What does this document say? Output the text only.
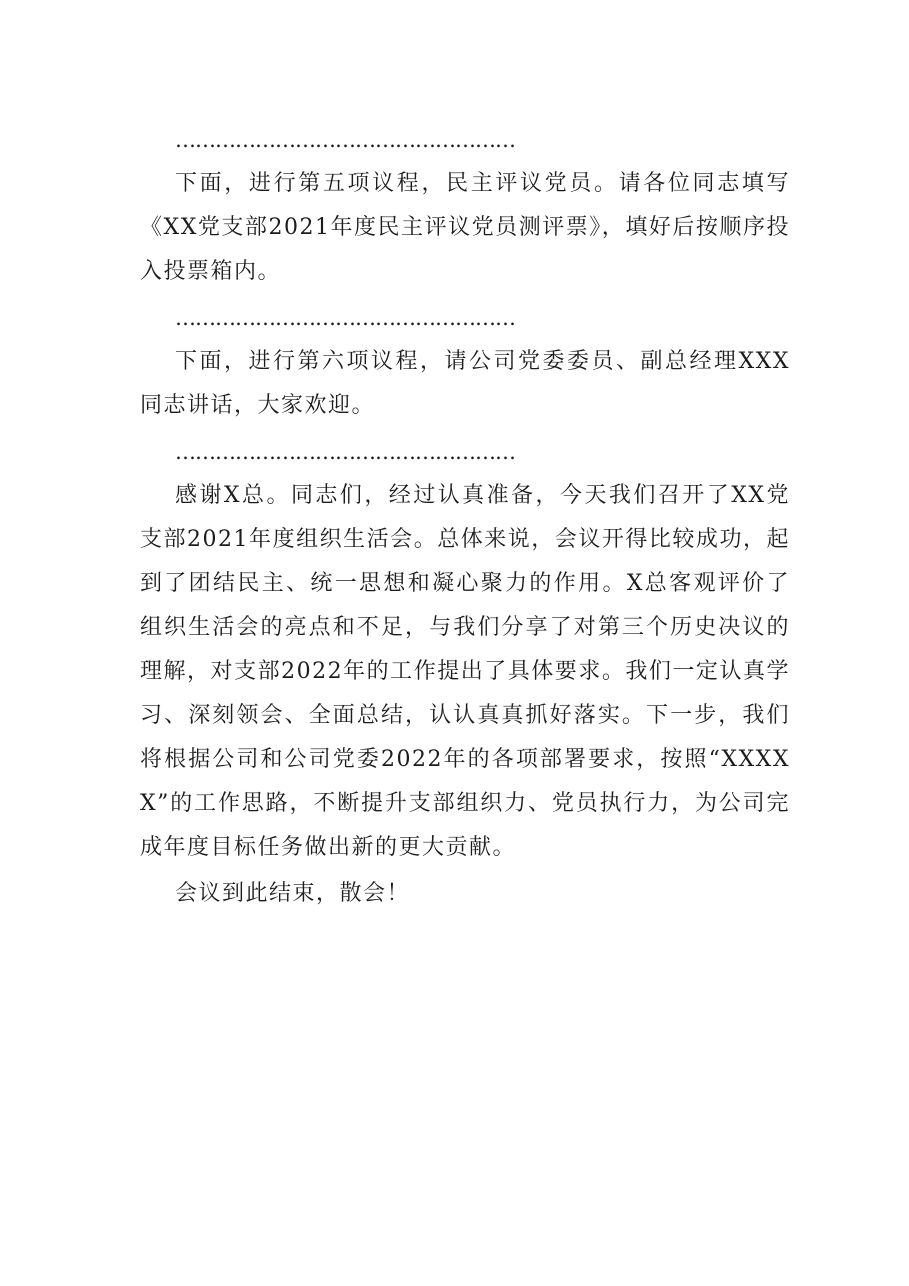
……………………………………………

下面，进行第五项议程，民主评议党员。请各位同志填写《XX党支部2021年度民主评议党员测评票》，填好后按顺序投入投票箱内。

……………………………………………

下面，进行第六项议程，请公司党委委员、副总经理XXX同志讲话，大家欢迎。

……………………………………………

感谢X总。同志们，经过认真准备，今天我们召开了XX党支部2021年度组织生活会。总体来说，会议开得比较成功，起到了团结民主、统一思想和凝心聚力的作用。X总客观评价了组织生活会的亮点和不足，与我们分享了对第三个历史决议的理解，对支部2022年的工作提出了具体要求。我们一定认真学习、深刻领会、全面总结，认认真真抓好落实。下一步，我们将根据公司和公司党委2022年的各项部署要求，按照“XXXXX”的工作思路，不断提升支部组织力、党员执行力，为公司完成年度目标任务做出新的更大贡献。

会议到此结束，散会！
